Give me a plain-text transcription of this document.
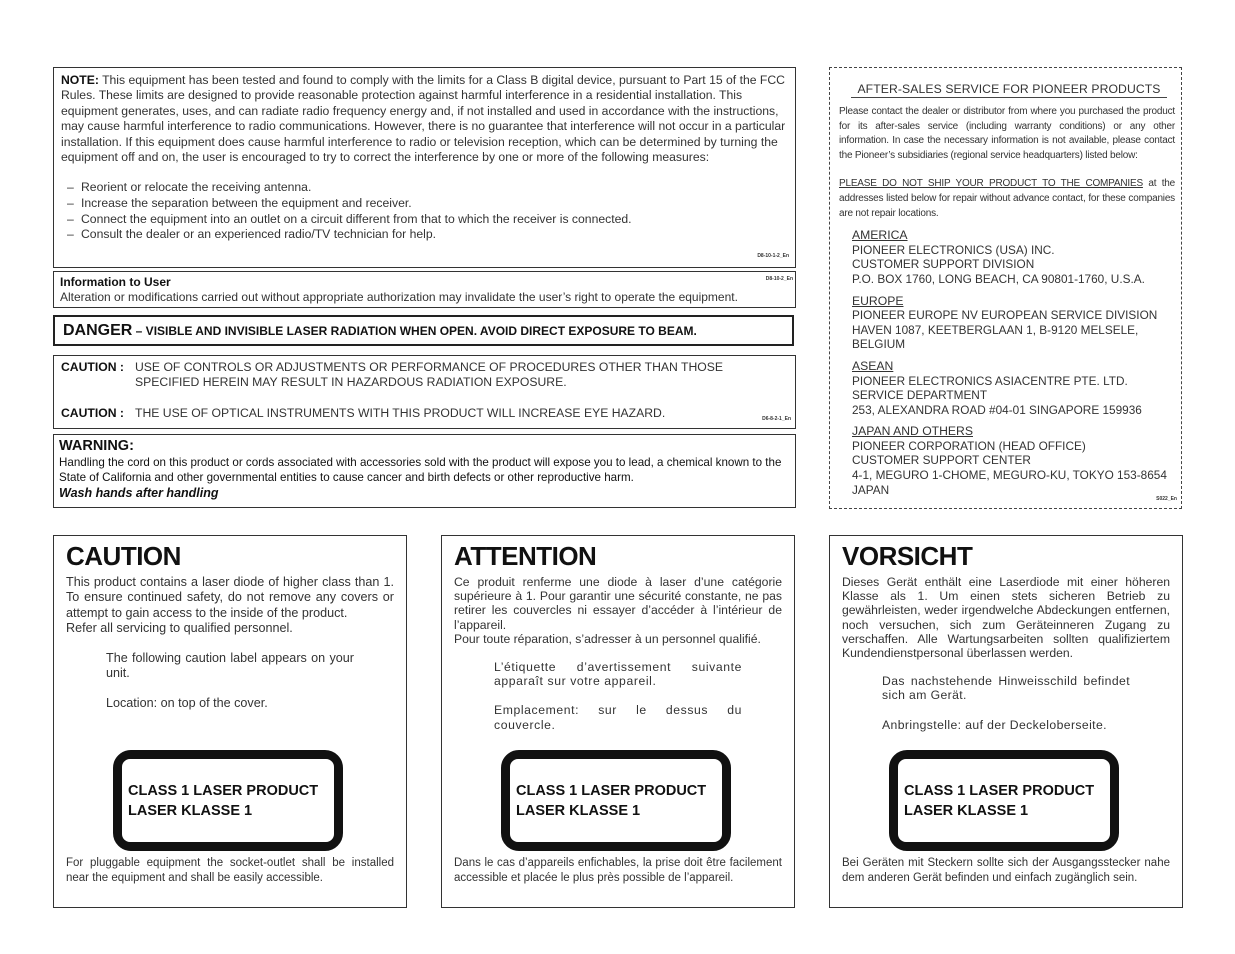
NOTE: This equipment has been tested and found to comply with the limits for a Class B digital device, pursuant to Part 15 of the FCC Rules. These limits are designed to provide reasonable protection against harmful interference in a residential installation. This equipment generates, uses, and can radiate radio frequency energy and, if not installed and used in accordance with the instructions, may cause harmful interference to radio communications. However, there is no guarantee that interference will not occur in a particular installation. If this equipment does cause harmful interference to radio or television reception, which can be determined by turning the equipment off and on, the user is encouraged to try to correct the interference by one or more of the following measures:

– Reorient or relocate the receiving antenna.
– Increase the separation between the equipment and receiver.
– Connect the equipment into an outlet on a circuit different from that to which the receiver is connected.
– Consult the dealer or an experienced radio/TV technician for help.
D8-10-1-2_En
Information to User
Alteration or modifications carried out without appropriate authorization may invalidate the user’s right to operate the equipment.
D8-10-2_En
DANGER – VISIBLE AND INVISIBLE LASER RADIATION WHEN OPEN. AVOID DIRECT EXPOSURE TO BEAM.
CAUTION : USE OF CONTROLS OR ADJUSTMENTS OR PERFORMANCE OF PROCEDURES OTHER THAN THOSE SPECIFIED HEREIN MAY RESULT IN HAZARDOUS RADIATION EXPOSURE.
CAUTION : THE USE OF OPTICAL INSTRUMENTS WITH THIS PRODUCT WILL INCREASE EYE HAZARD.	D6-8-2-1_En
WARNING:
Handling the cord on this product or cords associated with accessories sold with the product will expose you to lead, a chemical known to the State of California and other governmental entities to cause cancer and birth defects or other reproductive harm.
Wash hands after handling
AFTER-SALES SERVICE FOR PIONEER PRODUCTS

Please contact the dealer or distributor from where you purchased the product for its after-sales service (including warranty conditions) or any other information. In case the necessary information is not available, please contact the Pioneer’s subsidiaries (regional service headquarters) listed below:

PLEASE DO NOT SHIP YOUR PRODUCT TO THE COMPANIES at the addresses listed below for repair without advance contact, for these companies are not repair locations.

AMERICA
PIONEER ELECTRONICS (USA) INC.
CUSTOMER SUPPORT DIVISION
P.O. BOX 1760, LONG BEACH, CA 90801-1760, U.S.A.
EUROPE
PIONEER EUROPE NV EUROPEAN SERVICE DIVISION
HAVEN 1087, KEETBERGLAAN 1, B-9120 MELSELE,
BELGIUM
ASEAN
PIONEER ELECTRONICS ASIACENTRE PTE. LTD.
SERVICE DEPARTMENT
253, ALEXANDRA ROAD #04-01 SINGAPORE 159936
JAPAN AND OTHERS
PIONEER CORPORATION (HEAD OFFICE)
CUSTOMER SUPPORT CENTER
4-1, MEGURO 1-CHOME, MEGURO-KU, TOKYO 153-8654
JAPAN
S022_En
CAUTION

This product contains a laser diode of higher class than 1. To ensure continued safety, do not remove any covers or attempt to gain access to the inside of the product.
Refer all servicing to qualified personnel.

The following caution label appears on your unit.

Location: on top of the cover.

CLASS 1 LASER PRODUCT
LASER KLASSE 1

For pluggable equipment the socket-outlet shall be installed near the equipment and shall be easily accessible.

ATTENTION

Ce produit renferme une diode à laser d’une catégorie supérieure à 1. Pour garantir une sécurité constante, ne pas retirer les couvercles ni essayer d’accéder à l’intérieur de l’appareil.
Pour toute réparation, s’adresser à un personnel qualifié.

L’étiquette d’avertissement suivante apparaît sur votre appareil.

Emplacement: sur le dessus du couvercle.

CLASS 1 LASER PRODUCT
LASER KLASSE 1

Dans le cas d’appareils enfichables, la prise doit être facilement accessible et placée le plus près possible de l’appareil.

VORSICHT

Dieses Gerät enthält eine Laserdiode mit einer höheren Klasse als 1. Um einen stets sicheren Betrieb zu gewährleisten, weder irgendwelche Abdeckungen entfernen, noch versuchen, sich zum Geräteinneren Zugang zu verschaffen. Alle Wartungsarbeiten sollten qualifiziertem Kundendienstpersonal überlassen werden.

Das nachstehende Hinweisschild befindet sich am Gerät.

Anbringstelle: auf der Deckeloberseite.

CLASS 1 LASER PRODUCT
LASER KLASSE 1

Bei Geräten mit Steckern sollte sich der Ausgangsstecker nahe dem anderen Gerät befinden und einfach zugänglich sein.
